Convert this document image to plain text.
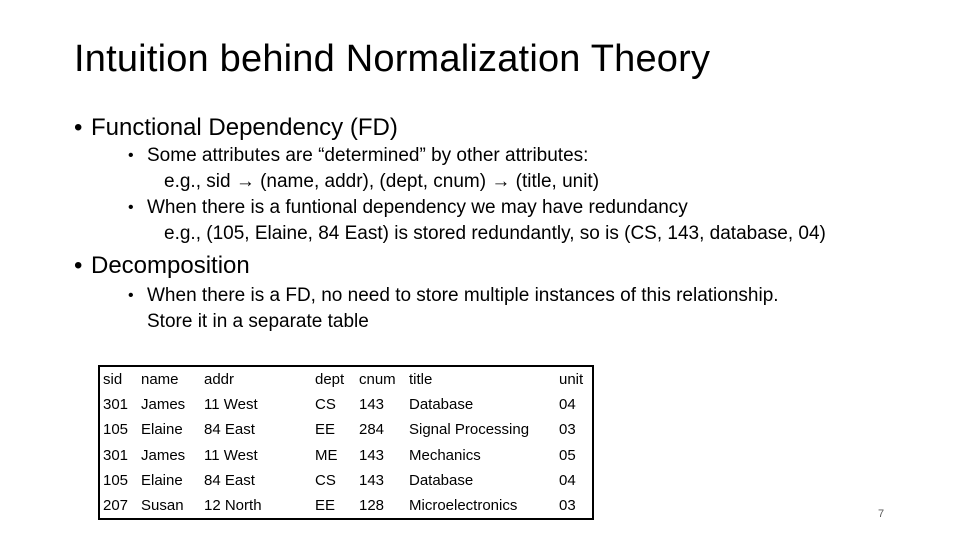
Intuition behind Normalization Theory
• Functional Dependency (FD)
• Some attributes are “determined” by other attributes:
e.g., sid → (name, addr), (dept, cnum) → (title, unit)
• When there is a funtional dependency we may have redundancy
e.g., (105, Elaine, 84 East) is stored redundantly, so is (CS, 143, database, 04)
• Decomposition
• When there is a FD, no need to store multiple instances of this relationship.
Store it in a separate table
sid	name	addr	dept	cnum	title	unit
301	James	11 West	CS	143	Database	04
105	Elaine	84 East	EE	284	Signal Processing	03
301	James	11 West	ME	143	Mechanics	05
105	Elaine	84 East	CS	143	Database	04
207	Susan	12 North	EE	128	Microelectronics	03	7
